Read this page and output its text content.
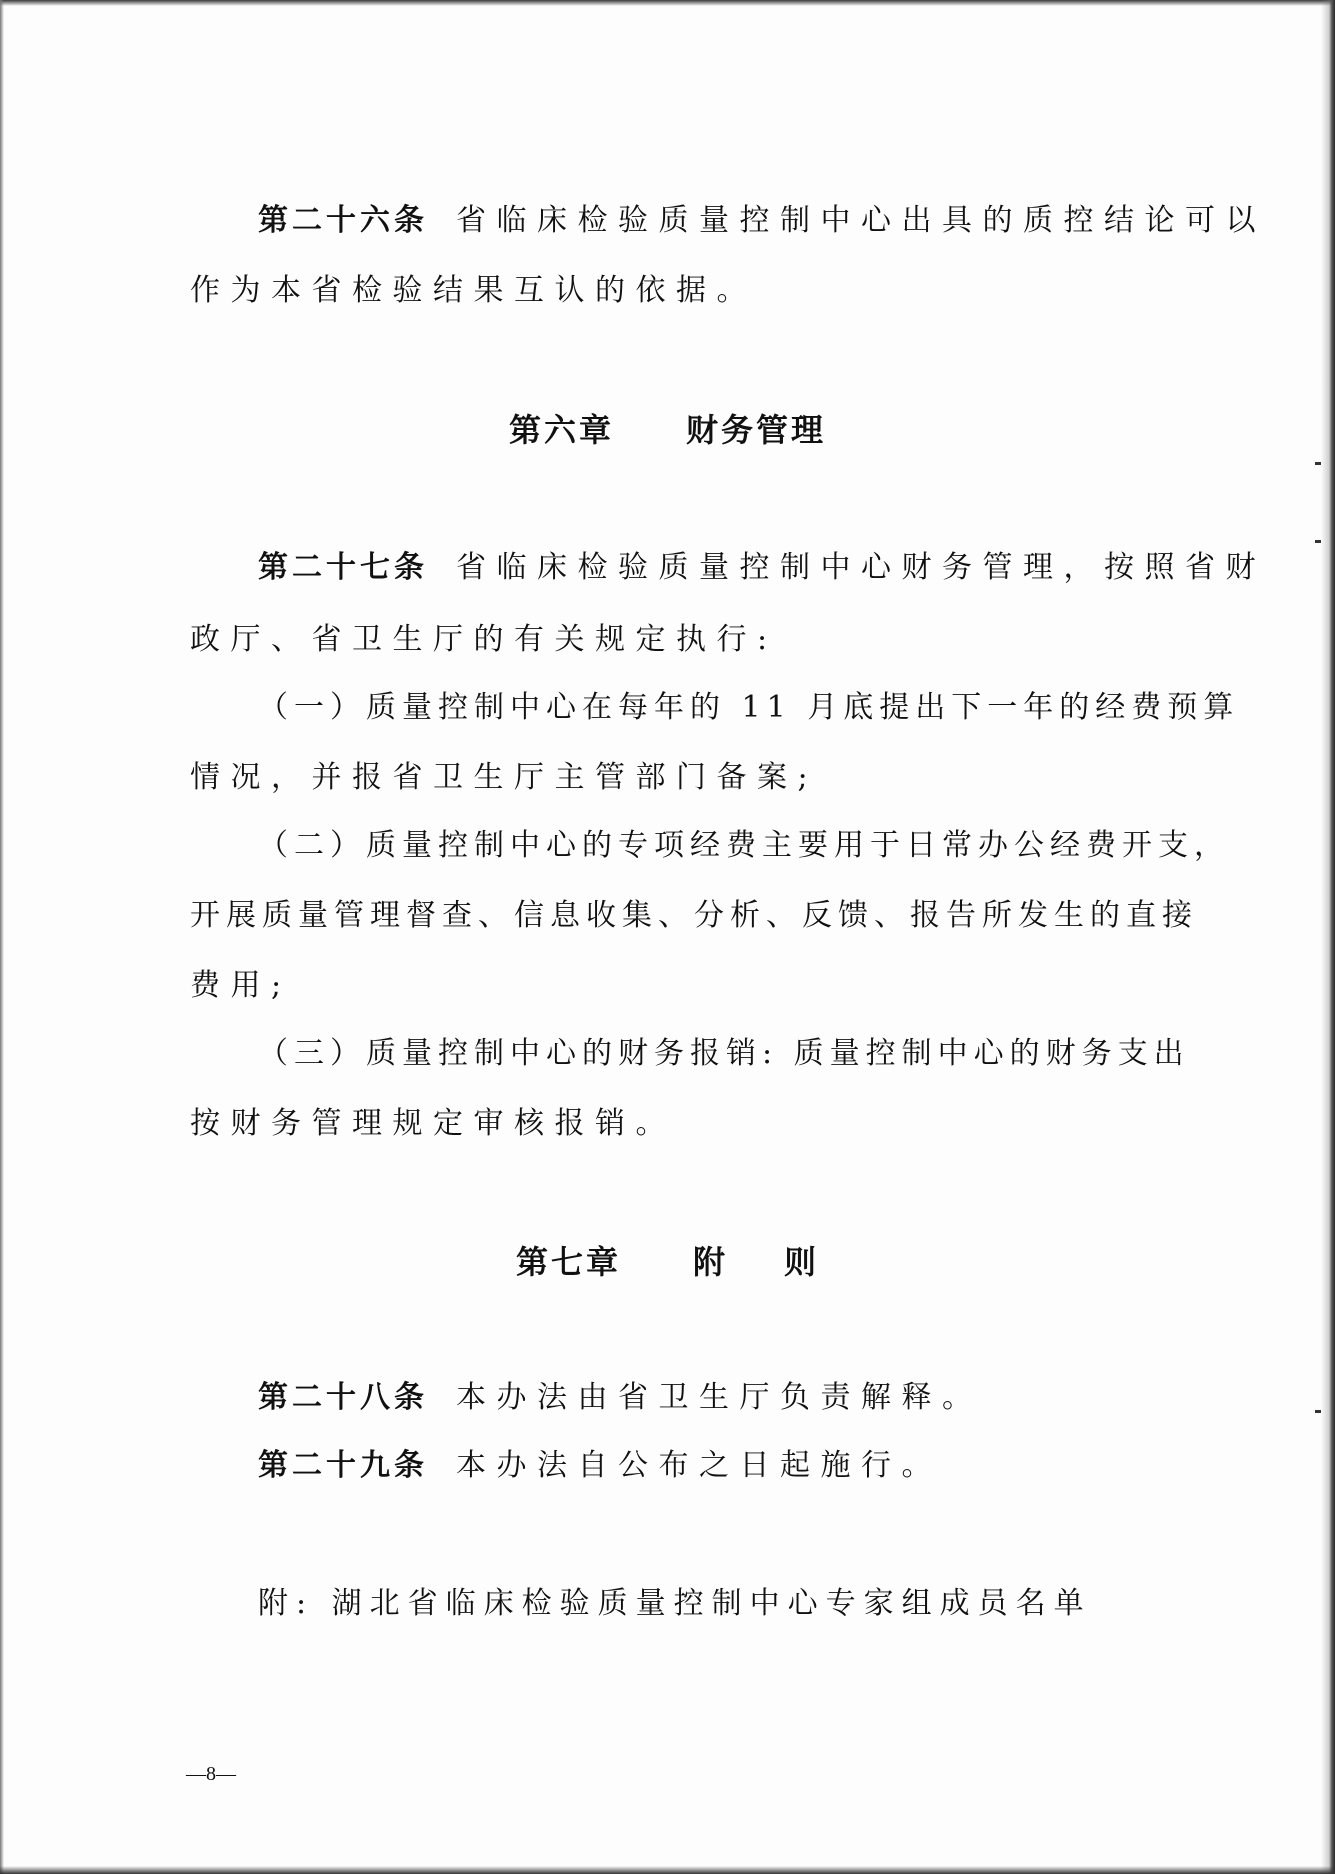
第二十六条 省临床检验质量控制中心出具的质控结论可以
作为本省检验结果互认的依据。
第六章 财务管理
第二十七条 省临床检验质量控制中心财务管理，按照省财
政厅、省卫生厅的有关规定执行:
（一）质量控制中心在每年的 11 月底提出下一年的经费预算
情况，并报省卫生厅主管部门备案;
（二）质量控制中心的专项经费主要用于日常办公经费开支，
开展质量管理督查、信息收集、分析、反馈、报告所发生的直接
费用;
（三）质量控制中心的财务报销: 质量控制中心的财务支出
按财务管理规定审核报销。
第七章 附 则
第二十八条 本办法由省卫生厅负责解释。
第二十九条 本办法自公布之日起施行。
附: 湖北省临床检验质量控制中心专家组成员名单
—8—
